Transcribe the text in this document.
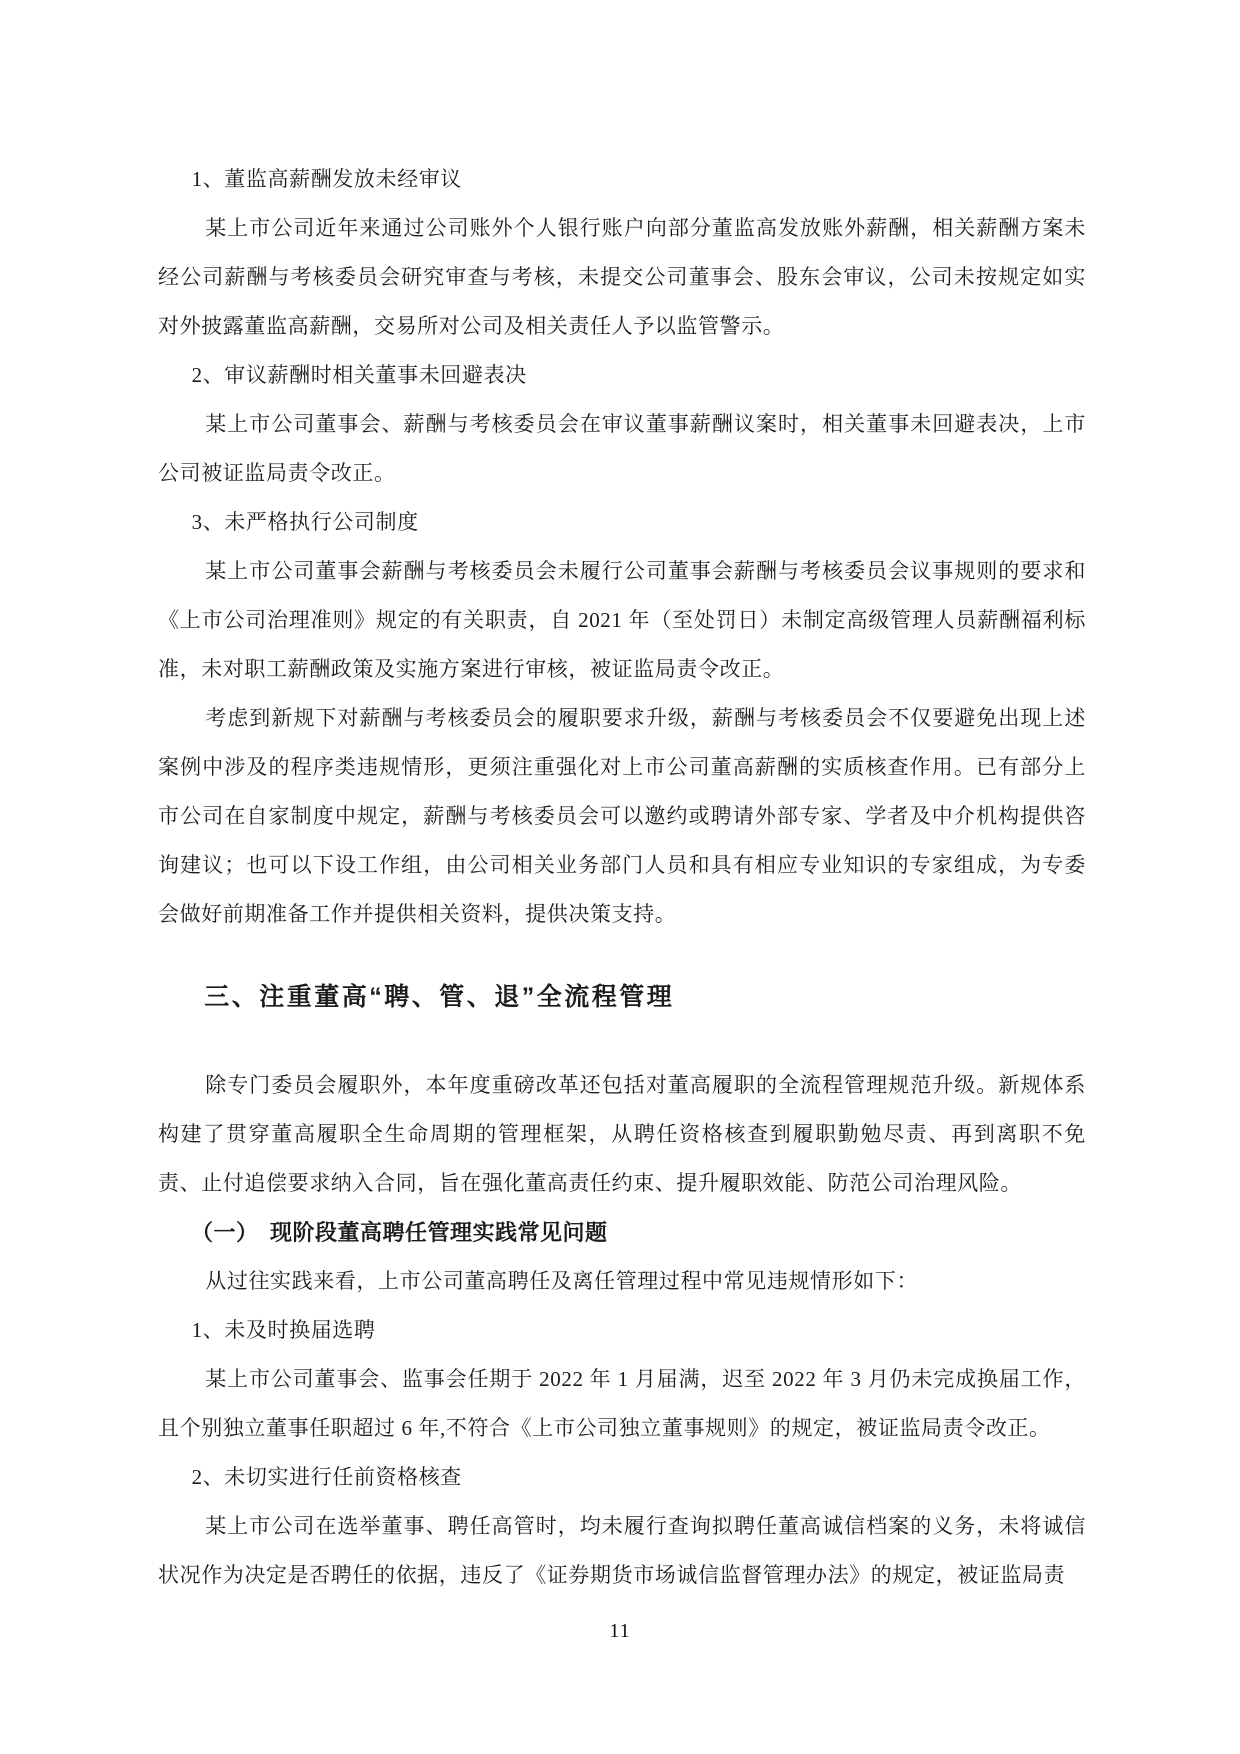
1、董监高薪酬发放未经审议

某上市公司近年来通过公司账外个人银行账户向部分董监高发放账外薪酬，相关薪酬方案未经公司薪酬与考核委员会研究审查与考核，未提交公司董事会、股东会审议，公司未按规定如实对外披露董监高薪酬，交易所对公司及相关责任人予以监管警示。

2、审议薪酬时相关董事未回避表决

某上市公司董事会、薪酬与考核委员会在审议董事薪酬议案时，相关董事未回避表决，上市公司被证监局责令改正。

3、未严格执行公司制度

某上市公司董事会薪酬与考核委员会未履行公司董事会薪酬与考核委员会议事规则的要求和《上市公司治理准则》规定的有关职责，自 2021 年（至处罚日）未制定高级管理人员薪酬福利标准，未对职工薪酬政策及实施方案进行审核，被证监局责令改正。

考虑到新规下对薪酬与考核委员会的履职要求升级，薪酬与考核委员会不仅要避免出现上述案例中涉及的程序类违规情形，更须注重强化对上市公司董高薪酬的实质核查作用。已有部分上市公司在自家制度中规定，薪酬与考核委员会可以邀约或聘请外部专家、学者及中介机构提供咨询建议；也可以下设工作组，由公司相关业务部门人员和具有相应专业知识的专家组成，为专委会做好前期准备工作并提供相关资料，提供决策支持。

三、注重董高“聘、管、退”全流程管理

除专门委员会履职外，本年度重磅改革还包括对董高履职的全流程管理规范升级。新规体系构建了贯穿董高履职全生命周期的管理框架，从聘任资格核查到履职勤勉尽责、再到离职不免责、止付追偿要求纳入合同，旨在强化董高责任约束、提升履职效能、防范公司治理风险。

（一）　现阶段董高聘任管理实践常见问题

从过往实践来看，上市公司董高聘任及离任管理过程中常见违规情形如下：

1、未及时换届选聘

某上市公司董事会、监事会任期于 2022 年 1 月届满，迟至 2022 年 3 月仍未完成换届工作，且个别独立董事任职超过 6 年,不符合《上市公司独立董事规则》的规定，被证监局责令改正。

2、未切实进行任前资格核查

某上市公司在选举董事、聘任高管时，均未履行查询拟聘任董高诚信档案的义务，未将诚信状况作为决定是否聘任的依据，违反了《证券期货市场诚信监督管理办法》的规定，被证监局责

11
